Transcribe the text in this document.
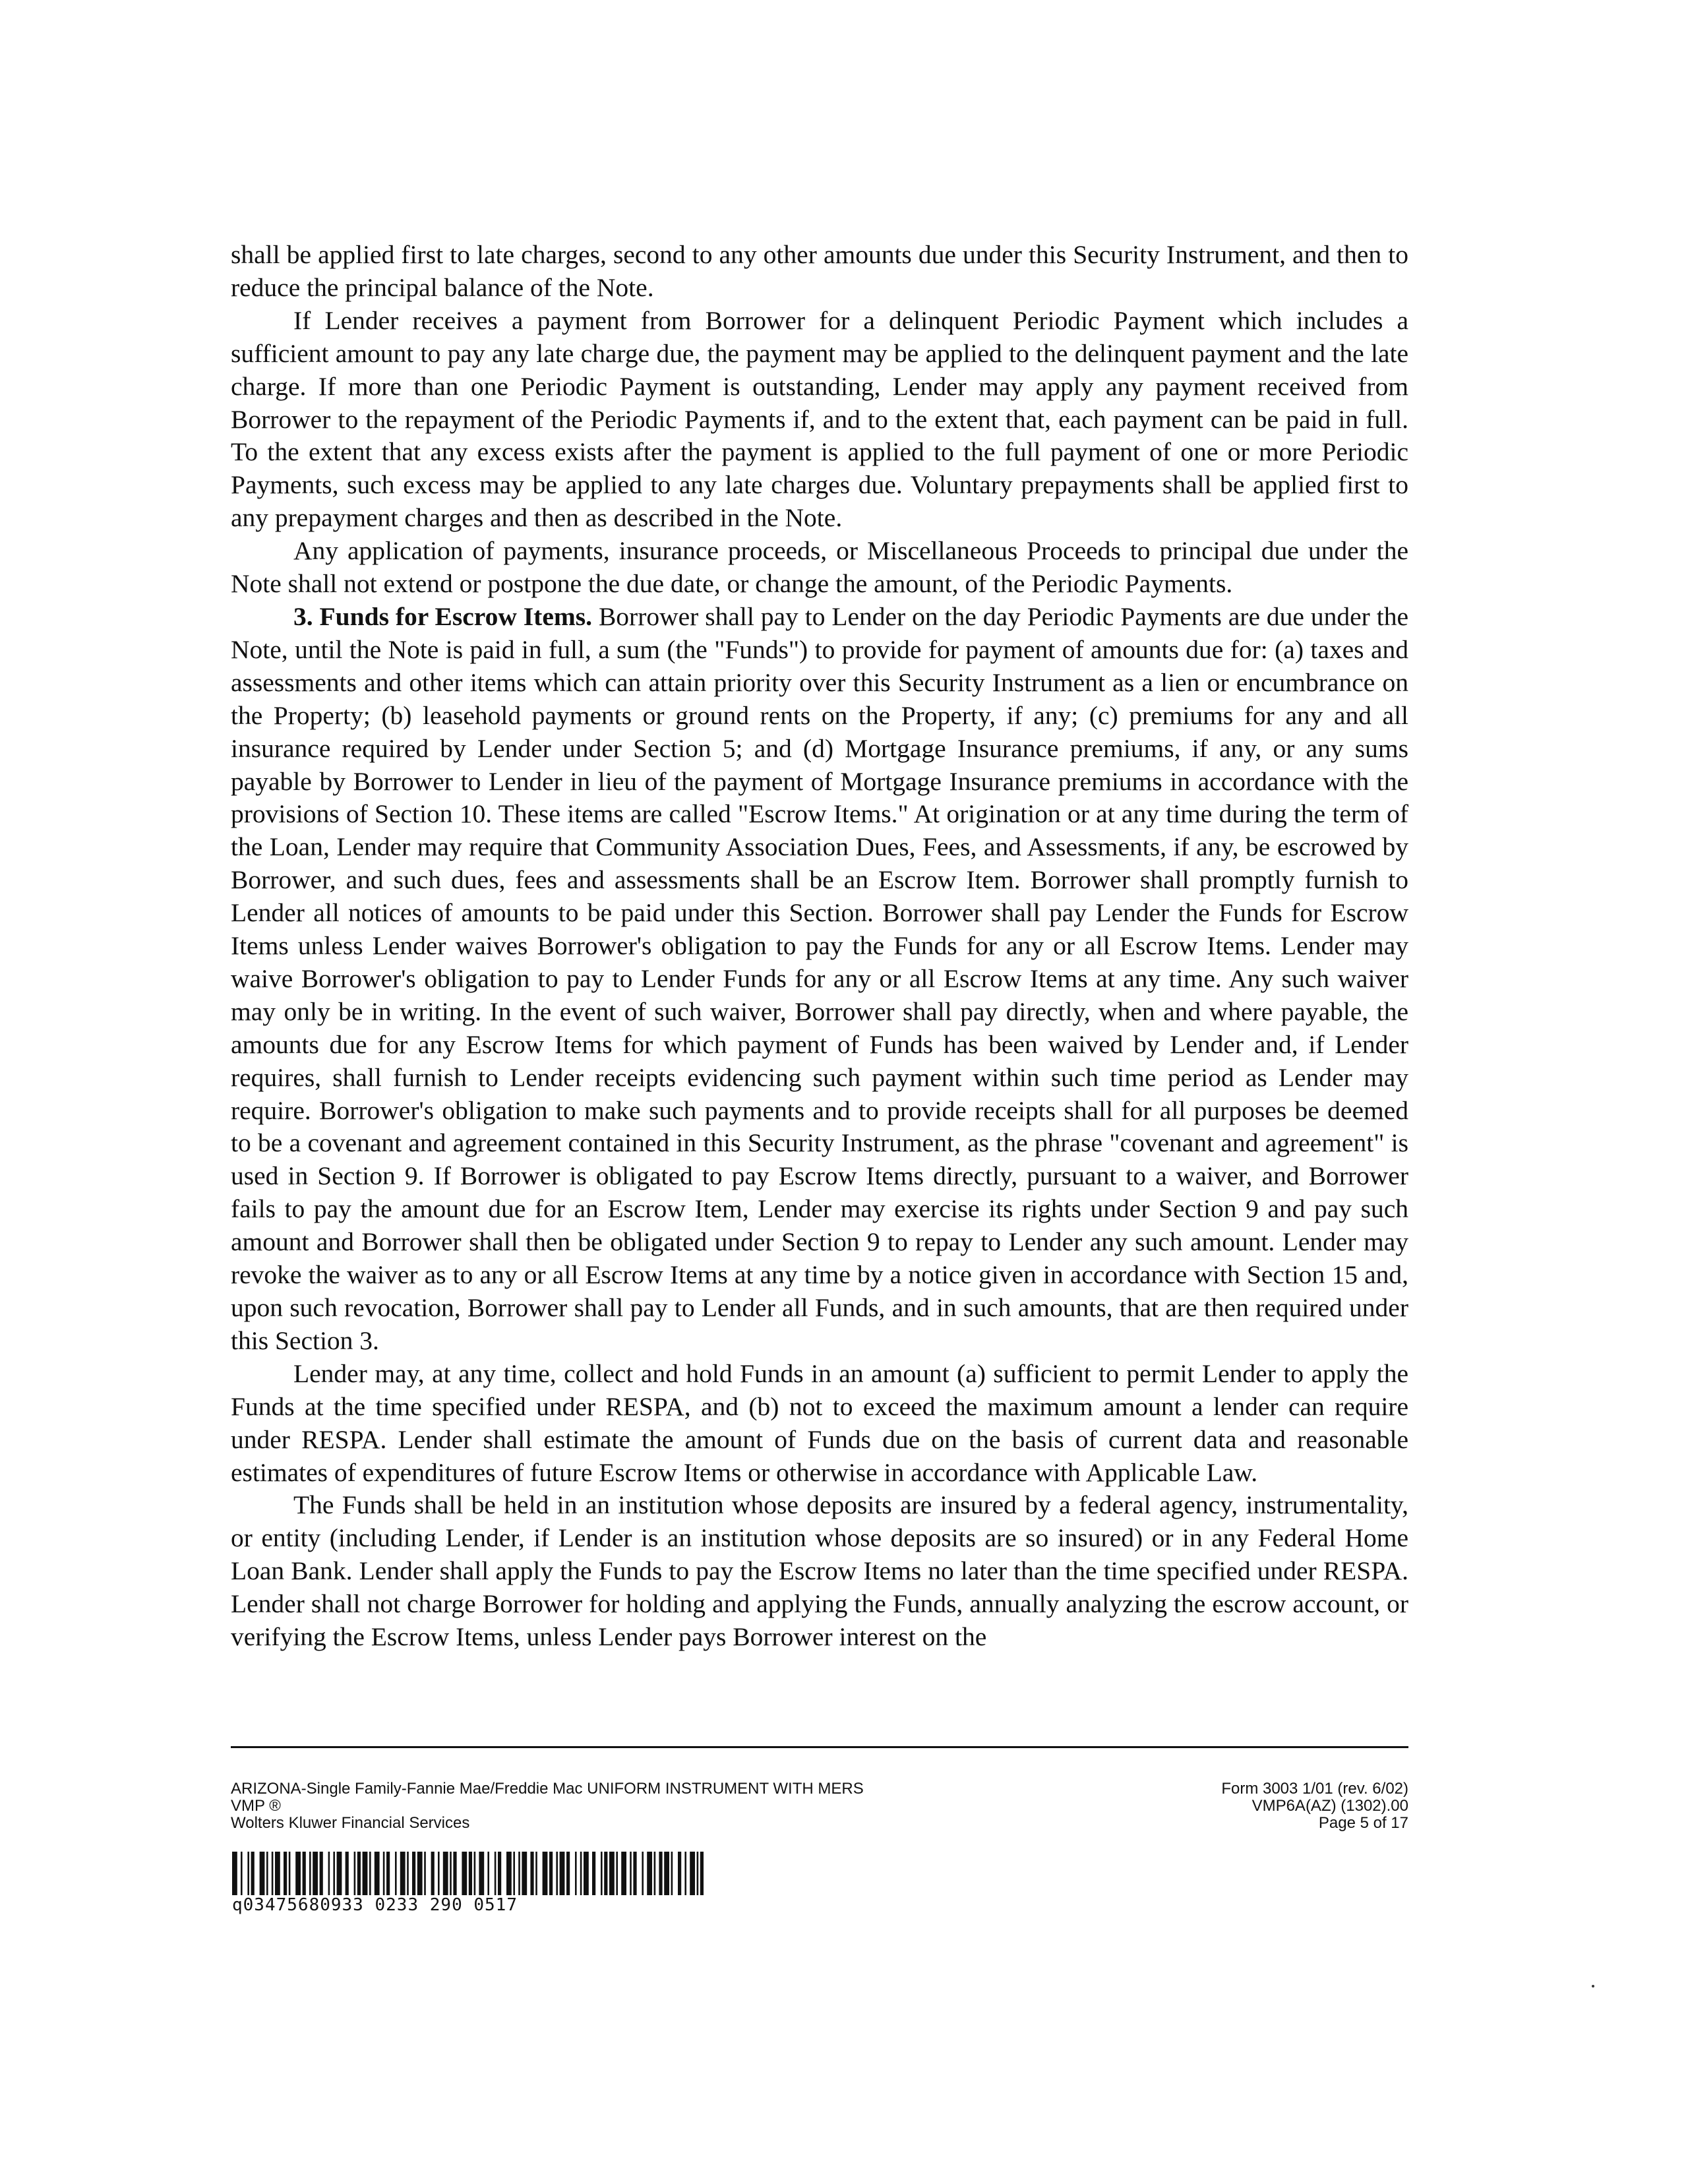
shall be applied first to late charges, second to any other amounts due under this Security Instrument, and then to reduce the principal balance of the Note.

If Lender receives a payment from Borrower for a delinquent Periodic Payment which includes a sufficient amount to pay any late charge due, the payment may be applied to the delinquent payment and the late charge. If more than one Periodic Payment is outstanding, Lender may apply any payment received from Borrower to the repayment of the Periodic Payments if, and to the extent that, each payment can be paid in full. To the extent that any excess exists after the payment is applied to the full payment of one or more Periodic Payments, such excess may be applied to any late charges due. Voluntary prepayments shall be applied first to any prepayment charges and then as described in the Note.

Any application of payments, insurance proceeds, or Miscellaneous Proceeds to principal due under the Note shall not extend or postpone the due date, or change the amount, of the Periodic Payments.

3. Funds for Escrow Items. Borrower shall pay to Lender on the day Periodic Payments are due under the Note, until the Note is paid in full, a sum (the "Funds") to provide for payment of amounts due for: (a) taxes and assessments and other items which can attain priority over this Security Instrument as a lien or encumbrance on the Property; (b) leasehold payments or ground rents on the Property, if any; (c) premiums for any and all insurance required by Lender under Section 5; and (d) Mortgage Insurance premiums, if any, or any sums payable by Borrower to Lender in lieu of the payment of Mortgage Insurance premiums in accordance with the provisions of Section 10. These items are called "Escrow Items." At origination or at any time during the term of the Loan, Lender may require that Community Association Dues, Fees, and Assessments, if any, be escrowed by Borrower, and such dues, fees and assessments shall be an Escrow Item. Borrower shall promptly furnish to Lender all notices of amounts to be paid under this Section. Borrower shall pay Lender the Funds for Escrow Items unless Lender waives Borrower's obligation to pay the Funds for any or all Escrow Items. Lender may waive Borrower's obligation to pay to Lender Funds for any or all Escrow Items at any time. Any such waiver may only be in writing. In the event of such waiver, Borrower shall pay directly, when and where payable, the amounts due for any Escrow Items for which payment of Funds has been waived by Lender and, if Lender requires, shall furnish to Lender receipts evidencing such payment within such time period as Lender may require. Borrower's obligation to make such payments and to provide receipts shall for all purposes be deemed to be a covenant and agreement contained in this Security Instrument, as the phrase "covenant and agreement" is used in Section 9. If Borrower is obligated to pay Escrow Items directly, pursuant to a waiver, and Borrower fails to pay the amount due for an Escrow Item, Lender may exercise its rights under Section 9 and pay such amount and Borrower shall then be obligated under Section 9 to repay to Lender any such amount. Lender may revoke the waiver as to any or all Escrow Items at any time by a notice given in accordance with Section 15 and, upon such revocation, Borrower shall pay to Lender all Funds, and in such amounts, that are then required under this Section 3.

Lender may, at any time, collect and hold Funds in an amount (a) sufficient to permit Lender to apply the Funds at the time specified under RESPA, and (b) not to exceed the maximum amount a lender can require under RESPA. Lender shall estimate the amount of Funds due on the basis of current data and reasonable estimates of expenditures of future Escrow Items or otherwise in accordance with Applicable Law.

The Funds shall be held in an institution whose deposits are insured by a federal agency, instrumentality, or entity (including Lender, if Lender is an institution whose deposits are so insured) or in any Federal Home Loan Bank. Lender shall apply the Funds to pay the Escrow Items no later than the time specified under RESPA. Lender shall not charge Borrower for holding and applying the Funds, annually analyzing the escrow account, or verifying the Escrow Items, unless Lender pays Borrower interest on the

ARIZONA-Single Family-Fannie Mae/Freddie Mac UNIFORM INSTRUMENT WITH MERS
VMP ®
Wolters Kluwer Financial Services
Form 3003 1/01 (rev. 6/02)
VMP6A(AZ) (1302).00
Page 5 of 17
q03475680933 0233 290 0517
